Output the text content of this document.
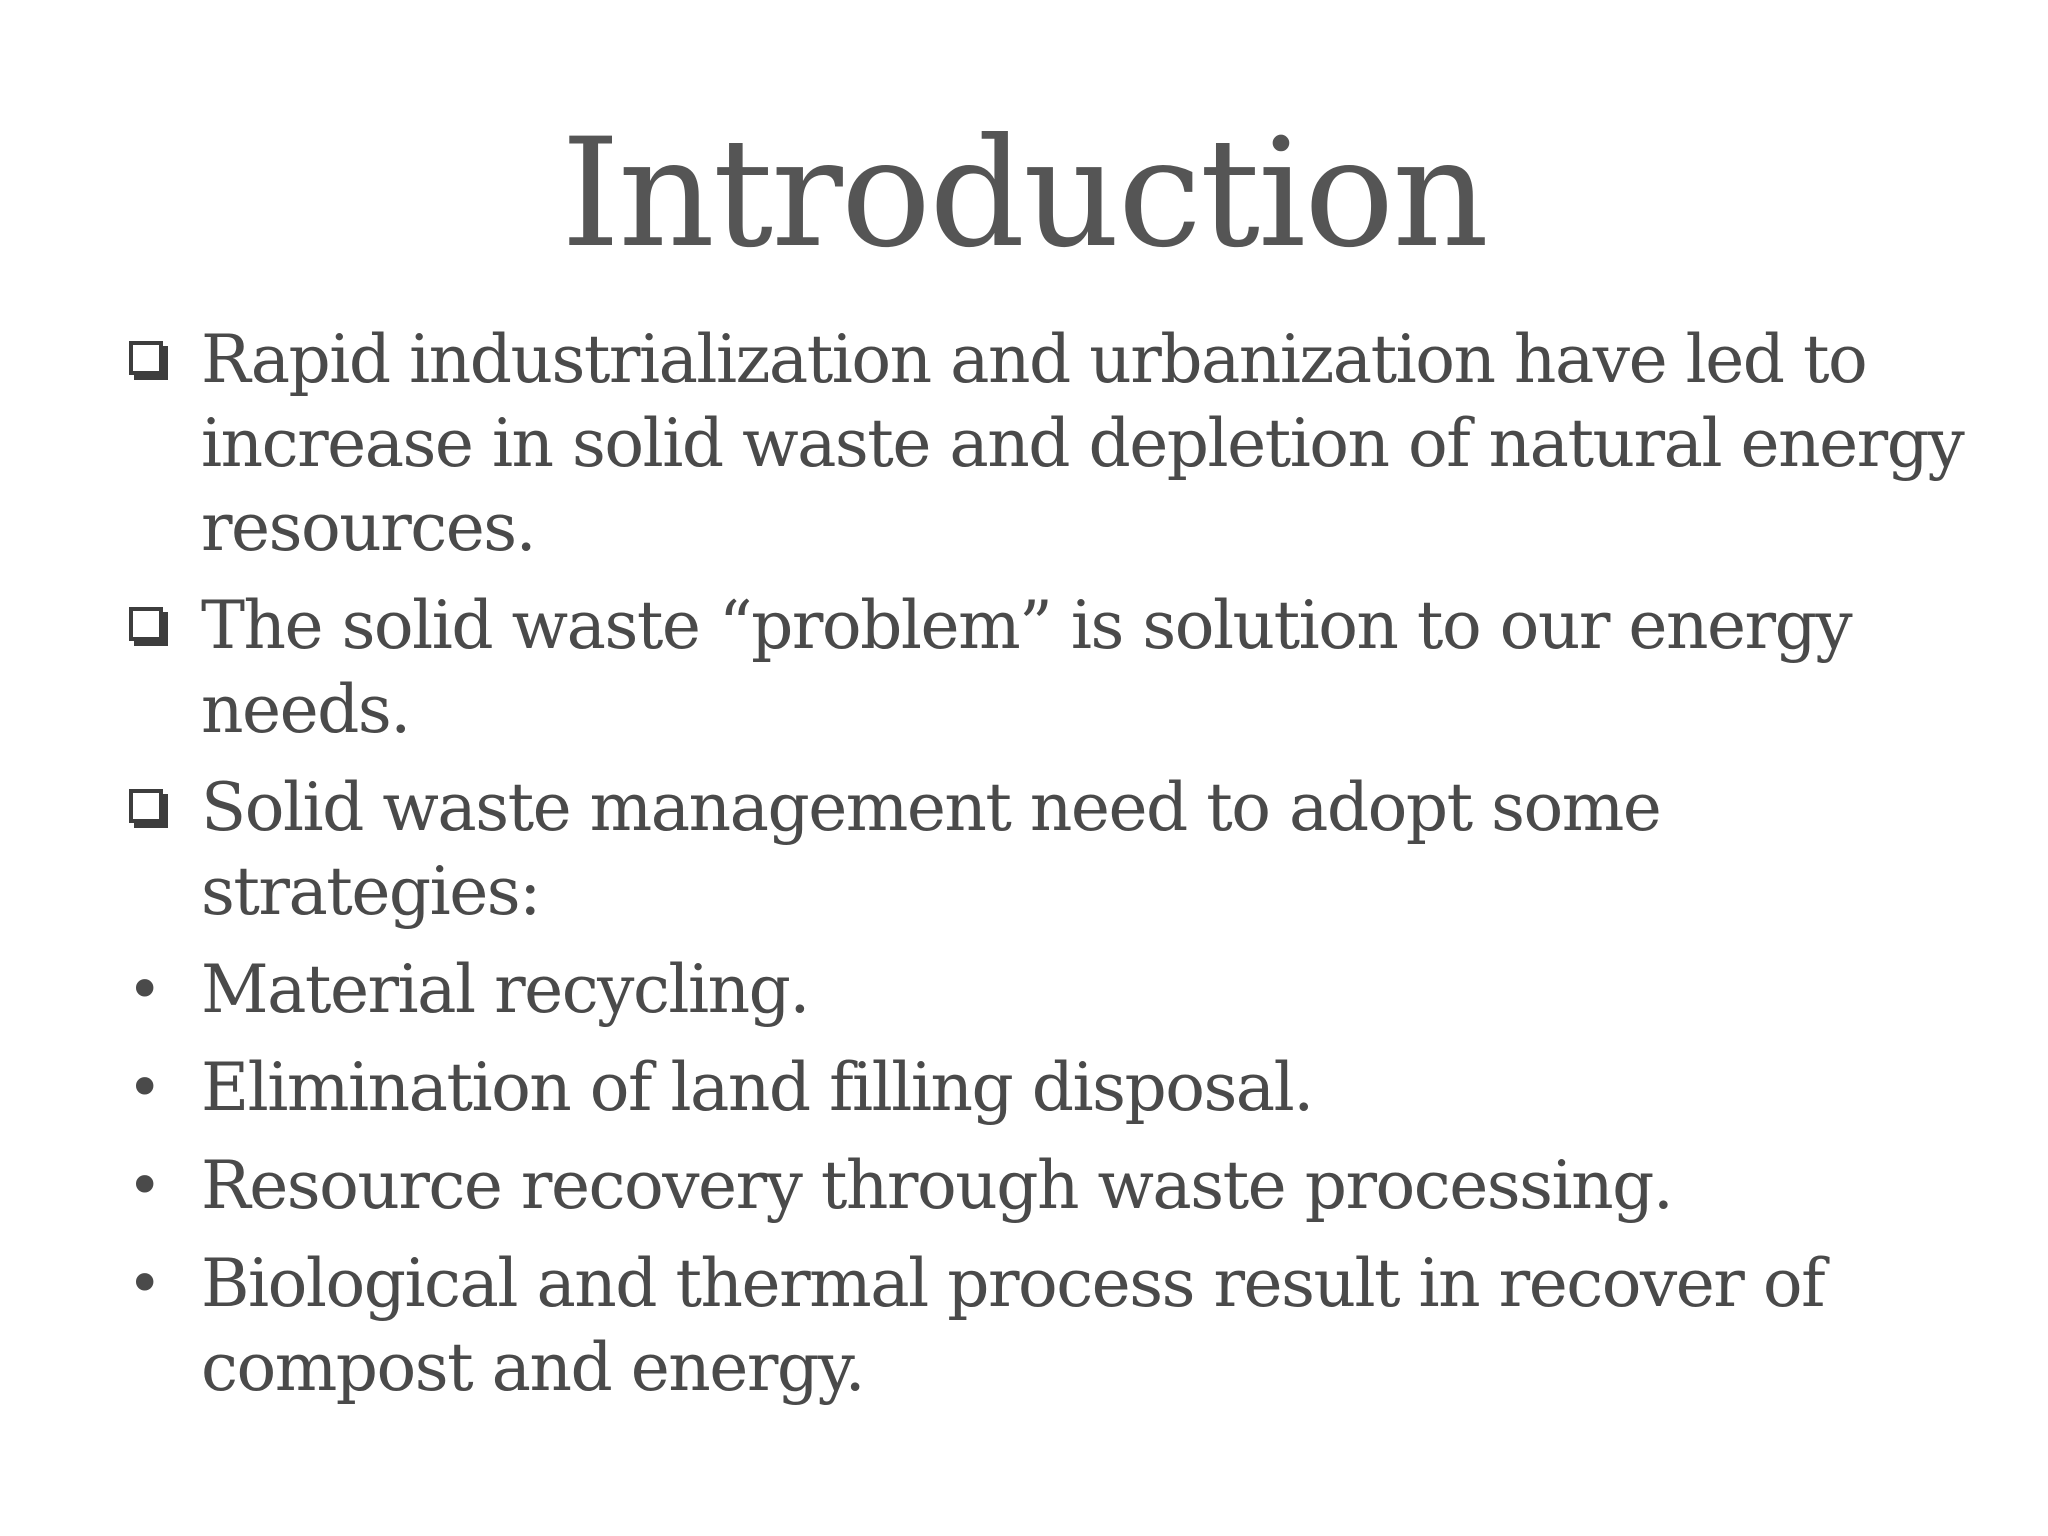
Introduction
Rapid industrialization and urbanization have led to increase in solid waste and depletion of natural energy resources.
The solid waste “problem” is solution to our energy needs.
Solid waste management need to adopt some strategies:
• Material recycling.
• Elimination of land filling disposal.
• Resource recovery through waste processing.
• Biological and thermal process result in recover of compost and energy.
